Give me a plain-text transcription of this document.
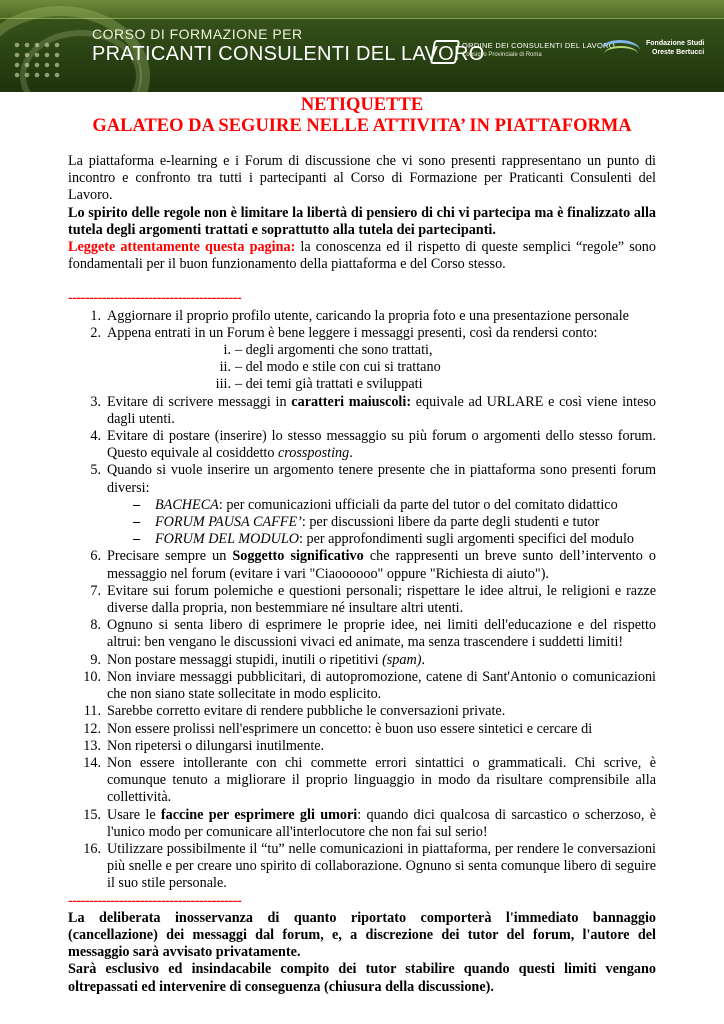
CORSO DI FORMAZIONE PER
PRATICANTI CONSULENTI DEL LAVORO
ORDINE DEI CONSULENTI DEL LAVORO
Consiglio Provinciale di Roma
Fondazione Studi
Oreste Bertucci
NETIQUETTE
GALATEO DA SEGUIRE NELLE ATTIVITA’ IN PIATTAFORMA

La piattaforma e-learning e i Forum di discussione che vi sono presenti rappresentano un punto di incontro e confronto tra tutti i partecipanti al Corso di Formazione per Praticanti Consulenti del Lavoro.

Lo spirito delle regole non è limitare la libertà di pensiero di chi vi partecipa ma è finalizzato alla tutela degli argomenti trattati e soprattutto alla tutela dei partecipanti.

Leggete attentamente questa pagina: la conoscenza ed il rispetto di queste semplici “regole” sono fondamentali per il buon funzionamento della piattaforma e del Corso stesso.

-----------------------------------------
1. Aggiornare il proprio profilo utente, caricando la propria foto e una presentazione personale
2. Appena entrati in un Forum è bene leggere i messaggi presenti, così da rendersi conto:
i. – degli argomenti che sono trattati,
ii. – del modo e stile con cui si trattano
iii. – dei temi già trattati e sviluppati
3. Evitare di scrivere messaggi in caratteri maiuscoli: equivale ad URLARE e così viene inteso dagli utenti.
4. Evitare di postare (inserire) lo stesso messaggio su più forum o argomenti dello stesso forum. Questo equivale al cosiddetto crossposting.
5. Quando si vuole inserire un argomento tenere presente che in piattaforma sono presenti forum diversi:
– BACHECA: per comunicazioni ufficiali da parte del tutor o del comitato didattico
– FORUM PAUSA CAFFE’: per discussioni libere da parte degli studenti e tutor
– FORUM DEL MODULO: per approfondimenti sugli argomenti specifici del modulo
6. Precisare sempre un Soggetto significativo che rappresenti un breve sunto dell’intervento o messaggio nel forum (evitare i vari "Ciaoooooo" oppure "Richiesta di aiuto").
7. Evitare sui forum polemiche e questioni personali; rispettare le idee altrui, le religioni e razze diverse dalla propria, non bestemmiare né insultare altri utenti.
8. Ognuno si senta libero di esprimere le proprie idee, nei limiti dell'educazione e del rispetto altrui: ben vengano le discussioni vivaci ed animate, ma senza trascendere i suddetti limiti!
9. Non postare messaggi stupidi, inutili o ripetitivi (spam).
10. Non inviare messaggi pubblicitari, di autopromozione, catene di Sant'Antonio o comunicazioni che non siano state sollecitate in modo esplicito.
11. Sarebbe corretto evitare di rendere pubbliche le conversazioni private.
12. Non essere prolissi nell'esprimere un concetto: è buon uso essere sintetici e cercare di
13. Non ripetersi o dilungarsi inutilmente.
14. Non essere intollerante con chi commette errori sintattici o grammaticali. Chi scrive, è comunque tenuto a migliorare il proprio linguaggio in modo da risultare comprensibile alla collettività.
15. Usare le faccine per esprimere gli umori: quando dici qualcosa di sarcastico o scherzoso, è l'unico modo per comunicare all'interlocutore che non fai sul serio!
16. Utilizzare possibilmente il “tu” nelle comunicazioni in piattaforma, per rendere le conversazioni più snelle e per creare uno spirito di collaborazione. Ognuno si senta comunque libero di seguire il suo stile personale.
-----------------------------------------

La deliberata inosservanza di quanto riportato comporterà l'immediato bannaggio (cancellazione) dei messaggi dal forum, e, a discrezione dei tutor del forum, l'autore del messaggio sarà avvisato privatamente.

Sarà esclusivo ed insindacabile compito dei tutor stabilire quando questi limiti vengano oltrepassati ed intervenire di conseguenza (chiusura della discussione).
